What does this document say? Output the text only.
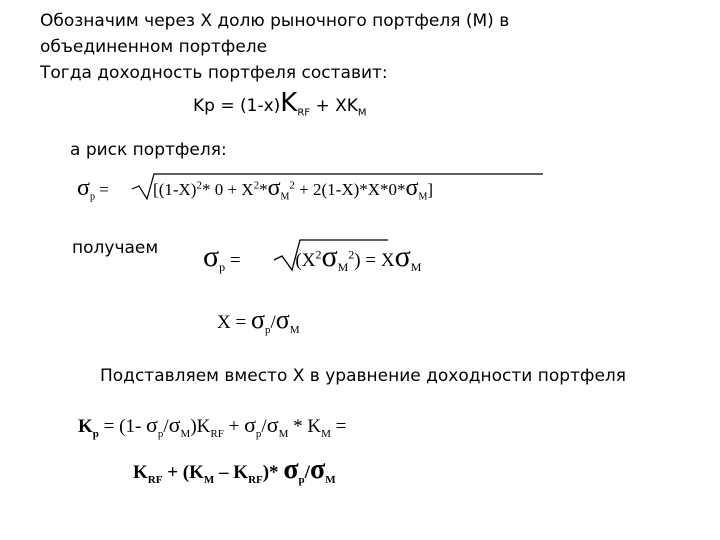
Обозначим через Х долю рыночного портфеля (М) в
объединенном портфеле
Тогда доходность портфеля составит:
$Kp = (1-x)K_{RF} + XK_M$
а риск портфеля:
$\sigma_p = [(1-X)^2*$ $0 + X^2*\sigma_M^2 + 2(1-X)*X*0*\sigma_M$]
получаем $\sigma_p$ =	$(X^2\sigma_M^2) = X\sigma_M$
$X = \sigma_p/\sigma_M$
Подставляем вместо Х в уравнение доходности портфеля
$K_p = (1-$ $\sigma_p/\sigma_M)K_{RF} + \sigma_p/\sigma_M * K_M$ =
$K_{RF} + (K_M - K_{RF})*$ $\sigma_p/\sigma_M$
